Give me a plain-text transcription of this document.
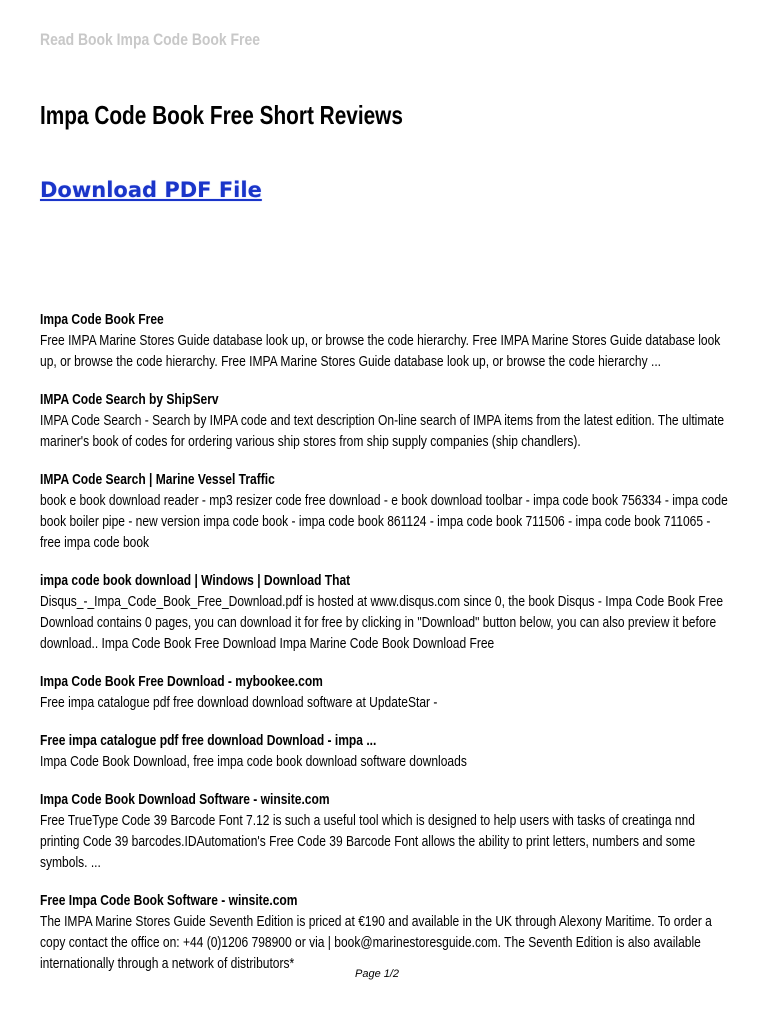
Read Book Impa Code Book Free
Impa Code Book Free Short Reviews
Download PDF File

Impa Code Book Free

Free IMPA Marine Stores Guide database look up, or browse the code hierarchy. Free IMPA Marine Stores Guide database look up, or browse the code hierarchy. Free IMPA Marine Stores Guide database look up, or browse the code hierarchy ...

IMPA Code Search by ShipServ

IMPA Code Search - Search by IMPA code and text description On-line search of IMPA items from the latest edition. The ultimate mariner's book of codes for ordering various ship stores from ship supply companies (ship chandlers).

IMPA Code Search | Marine Vessel Traffic

book e book download reader - mp3 resizer code free download - e book download toolbar - impa code book 756334 - impa code book boiler pipe - new version impa code book - impa code book 861124 - impa code book 711506 - impa code book 711065 - free impa code book

impa code book download | Windows | Download That

Disqus_-_Impa_Code_Book_Free_Download.pdf is hosted at www.disqus.com since 0, the book Disqus - Impa Code Book Free Download contains 0 pages, you can download it for free by clicking in "Download" button below, you can also preview it before download.. Impa Code Book Free Download Impa Marine Code Book Download Free

Impa Code Book Free Download - mybookee.com

Free impa catalogue pdf free download download software at UpdateStar -

Free impa catalogue pdf free download Download - impa ...

Impa Code Book Download, free impa code book download software downloads

Impa Code Book Download Software - winsite.com

Free TrueType Code 39 Barcode Font 7.12 is such a useful tool which is designed to help users with tasks of creatinga nnd printing Code 39 barcodes.IDAutomation's Free Code 39 Barcode Font allows the ability to print letters, numbers and some symbols. ...

Free Impa Code Book Software - winsite.com

The IMPA Marine Stores Guide Seventh Edition is priced at €190 and available in the UK through Alexony Maritime. To order a copy contact the office on: +44 (0)1206 798900 or via | book@marinestoresguide.com. The Seventh Edition is also available internationally through a network of distributors*

Page 1/2
